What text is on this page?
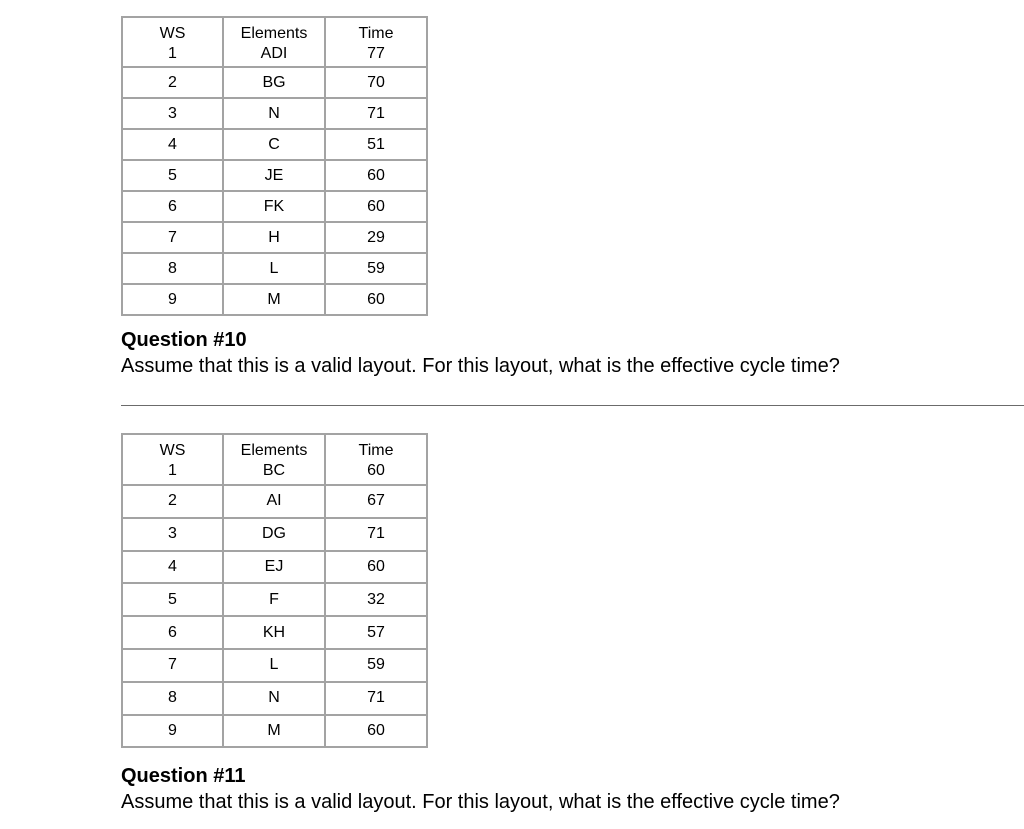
WS	Elements	Time
1	ADI	77
2	BG	70
3	N	71
4	C	51
5	JE	60
6	FK	60
7	H	29
8	L	59
9	M	60

Question #10

Assume that this is a valid layout. For this layout, what is the effective cycle time?

WS	Elements	Time
1	BC	60
2	AI	67
3	DG	71
4	EJ	60
5	F	32
6	KH	57
7	L	59
8	N	71
9	M	60

Question #11

Assume that this is a valid layout. For this layout, what is the effective cycle time?
